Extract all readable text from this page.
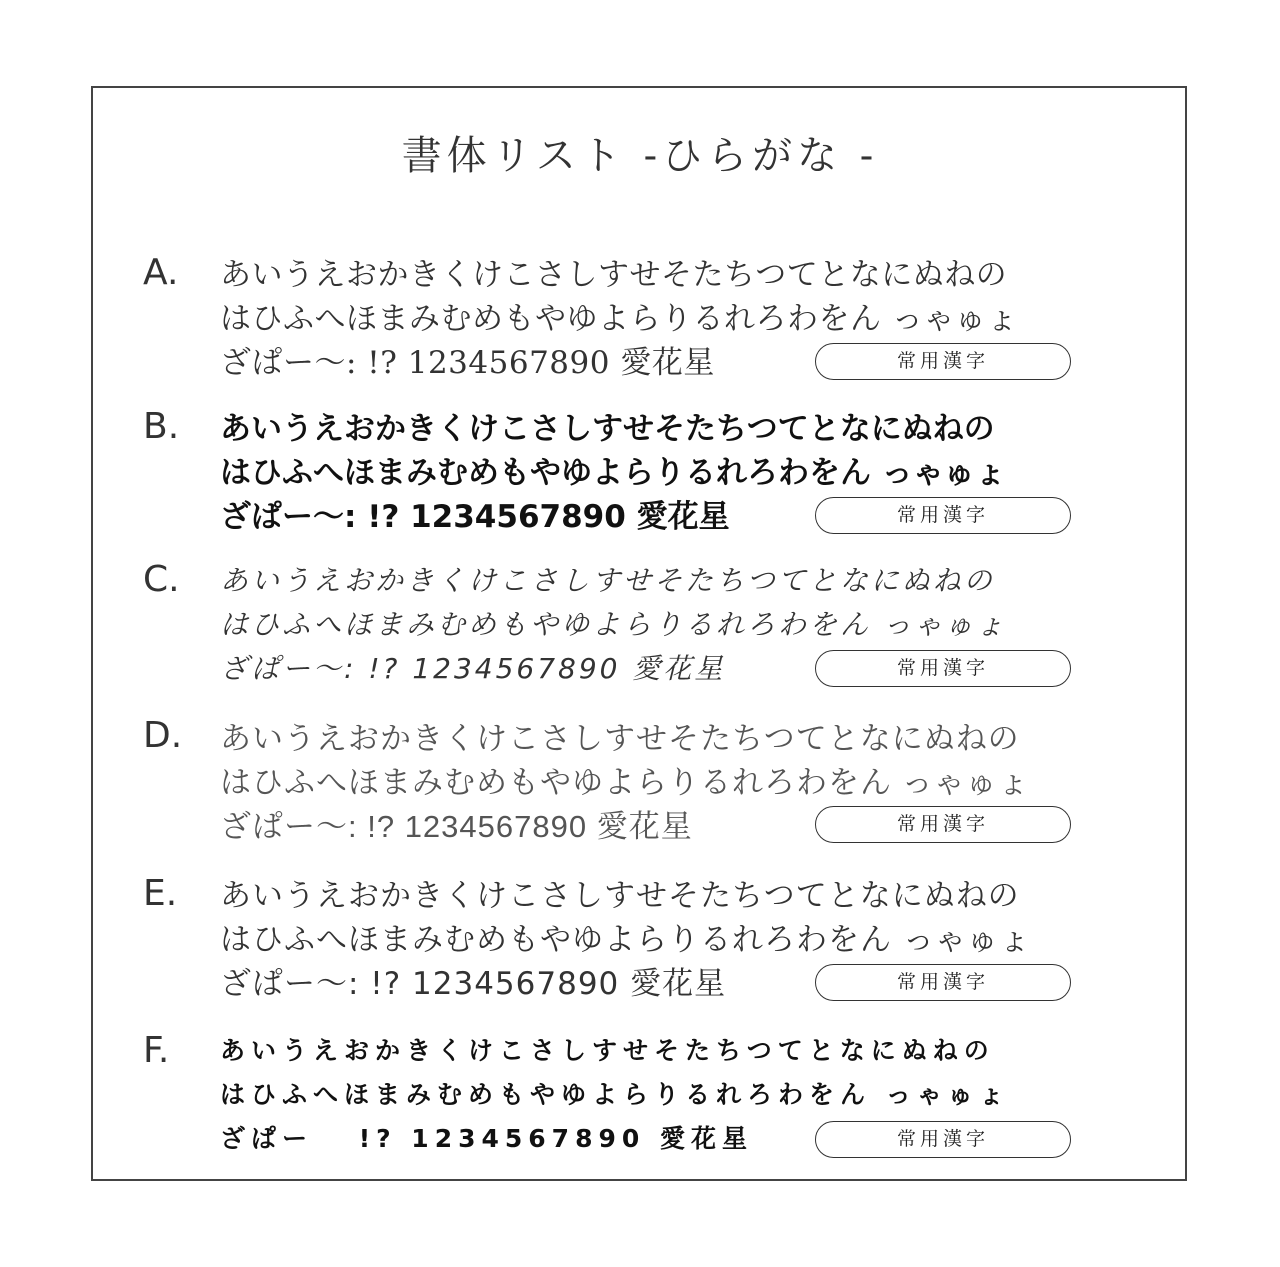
書体リスト -ひらがな -
A. あいうえおかきくけこさしすせそたちつてとなにぬねの
はひふへほまみむめもやゆよらりるれろわをん っゃゅょ
ざぱー～: !? 1234567890 愛花星	常用漢字
B. あいうえおかきくけこさしすせそたちつてとなにぬねの
はひふへほまみむめもやゆよらりるれろわをん っゃゅょ
ざぱー～: !? 1234567890 愛花星	常用漢字
C. あいうえおかきくけこさしすせそたちつてとなにぬねの
はひふへほまみむめもやゆよらりるれろわをん っゃゅょ
ざぱー～: !? 1234567890 愛花星	常用漢字
D. あいうえおかきくけこさしすせそたちつてとなにぬねの
はひふへほまみむめもやゆよらりるれろわをん っゃゅょ
ざぱー～: !? 1234567890 愛花星	常用漢字
E. あいうえおかきくけこさしすせそたちつてとなにぬねの
はひふへほまみむめもやゆよらりるれろわをん っゃゅょ
ざぱー～: !? 1234567890 愛花星	常用漢字
F. あいうえおかきくけこさしすせそたちつてとなにぬねの
はひふへほまみむめもやゆよらりるれろわをん っゃゅょ
ざぱー　 !? 1234567890 愛花星	常用漢字
